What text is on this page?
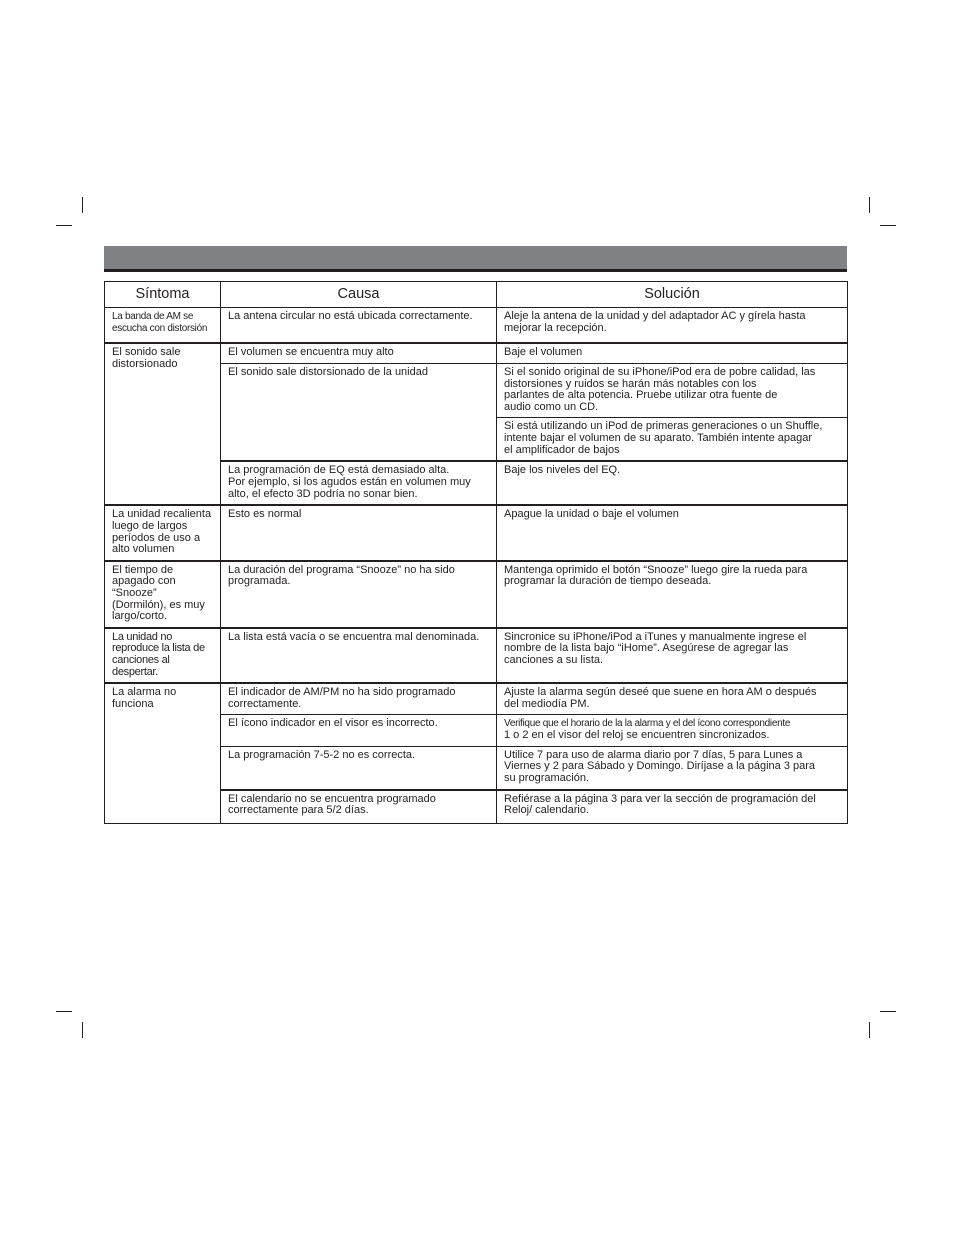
Síntoma	Causa	Solución

La banda de AM se
escucha con distorsión	La antena circular no está ubicada correctamente.	Aleje la antena de la unidad y del adaptador AC y gírela hasta
mejorar la recepción.

El sonido sale
distorsionado	El volumen se encuentra muy alto	Baje el volumen

	El sonido sale distorsionado de la unidad	Si el sonido original de su iPhone/iPod era de pobre calidad, las
distorsiones y ruidos se harán más notables con los
parlantes de alta potencia. Pruebe utilizar otra fuente de
audio como un CD.

		Si está utilizando un iPod de primeras generaciones o un Shuffle,
intente bajar el volumen de su aparato. También intente apagar
el amplificador de bajos

	La programación de EQ está demasiado alta.
Por ejemplo, si los agudos están en volumen muy
alto, el efecto 3D podría no sonar bien.	Baje los niveles del EQ.

La unidad recalienta
luego de largos
períodos de uso a
alto volumen	Esto es normal	Apague la unidad o baje el volumen

El tiempo de
apagado con
“Snooze”
(Dormilón), es muy
largo/corto.	La duración del programa “Snooze” no ha sido
programada.	Mantenga oprimido el botón “Snooze” luego gire la rueda para
programar la duración de tiempo deseada.

La unidad no
reproduce la lista de
canciones al
despertar.	La lista está vacía o se encuentra mal denominada.	Sincronice su iPhone/iPod a iTunes y manualmente ingrese el
nombre de la lista bajo “iHome”. Asegúrese de agregar las
canciones a su lista.

La alarma no
funciona	El indicador de AM/PM no ha sido programado
correctamente.	Ajuste la alarma según deseé que suene en hora AM o después
del mediodía PM.

	El ícono indicador en el visor es incorrecto.	Verifique que el horario de la la alarma y el del ícono correspondiente
1 o 2 en el visor del reloj se encuentren sincronizados.

	La programación 7-5-2 no es correcta.	Utilice 7 para uso de alarma diario por 7 días, 5 para Lunes a
Viernes y 2 para Sábado y Domingo. Diríjase a la página 3 para
su programación.

	El calendario no se encuentra programado
correctamente para 5/2 días.	Refiérase a la página 3 para ver la sección de programación del
Reloj/ calendario.
